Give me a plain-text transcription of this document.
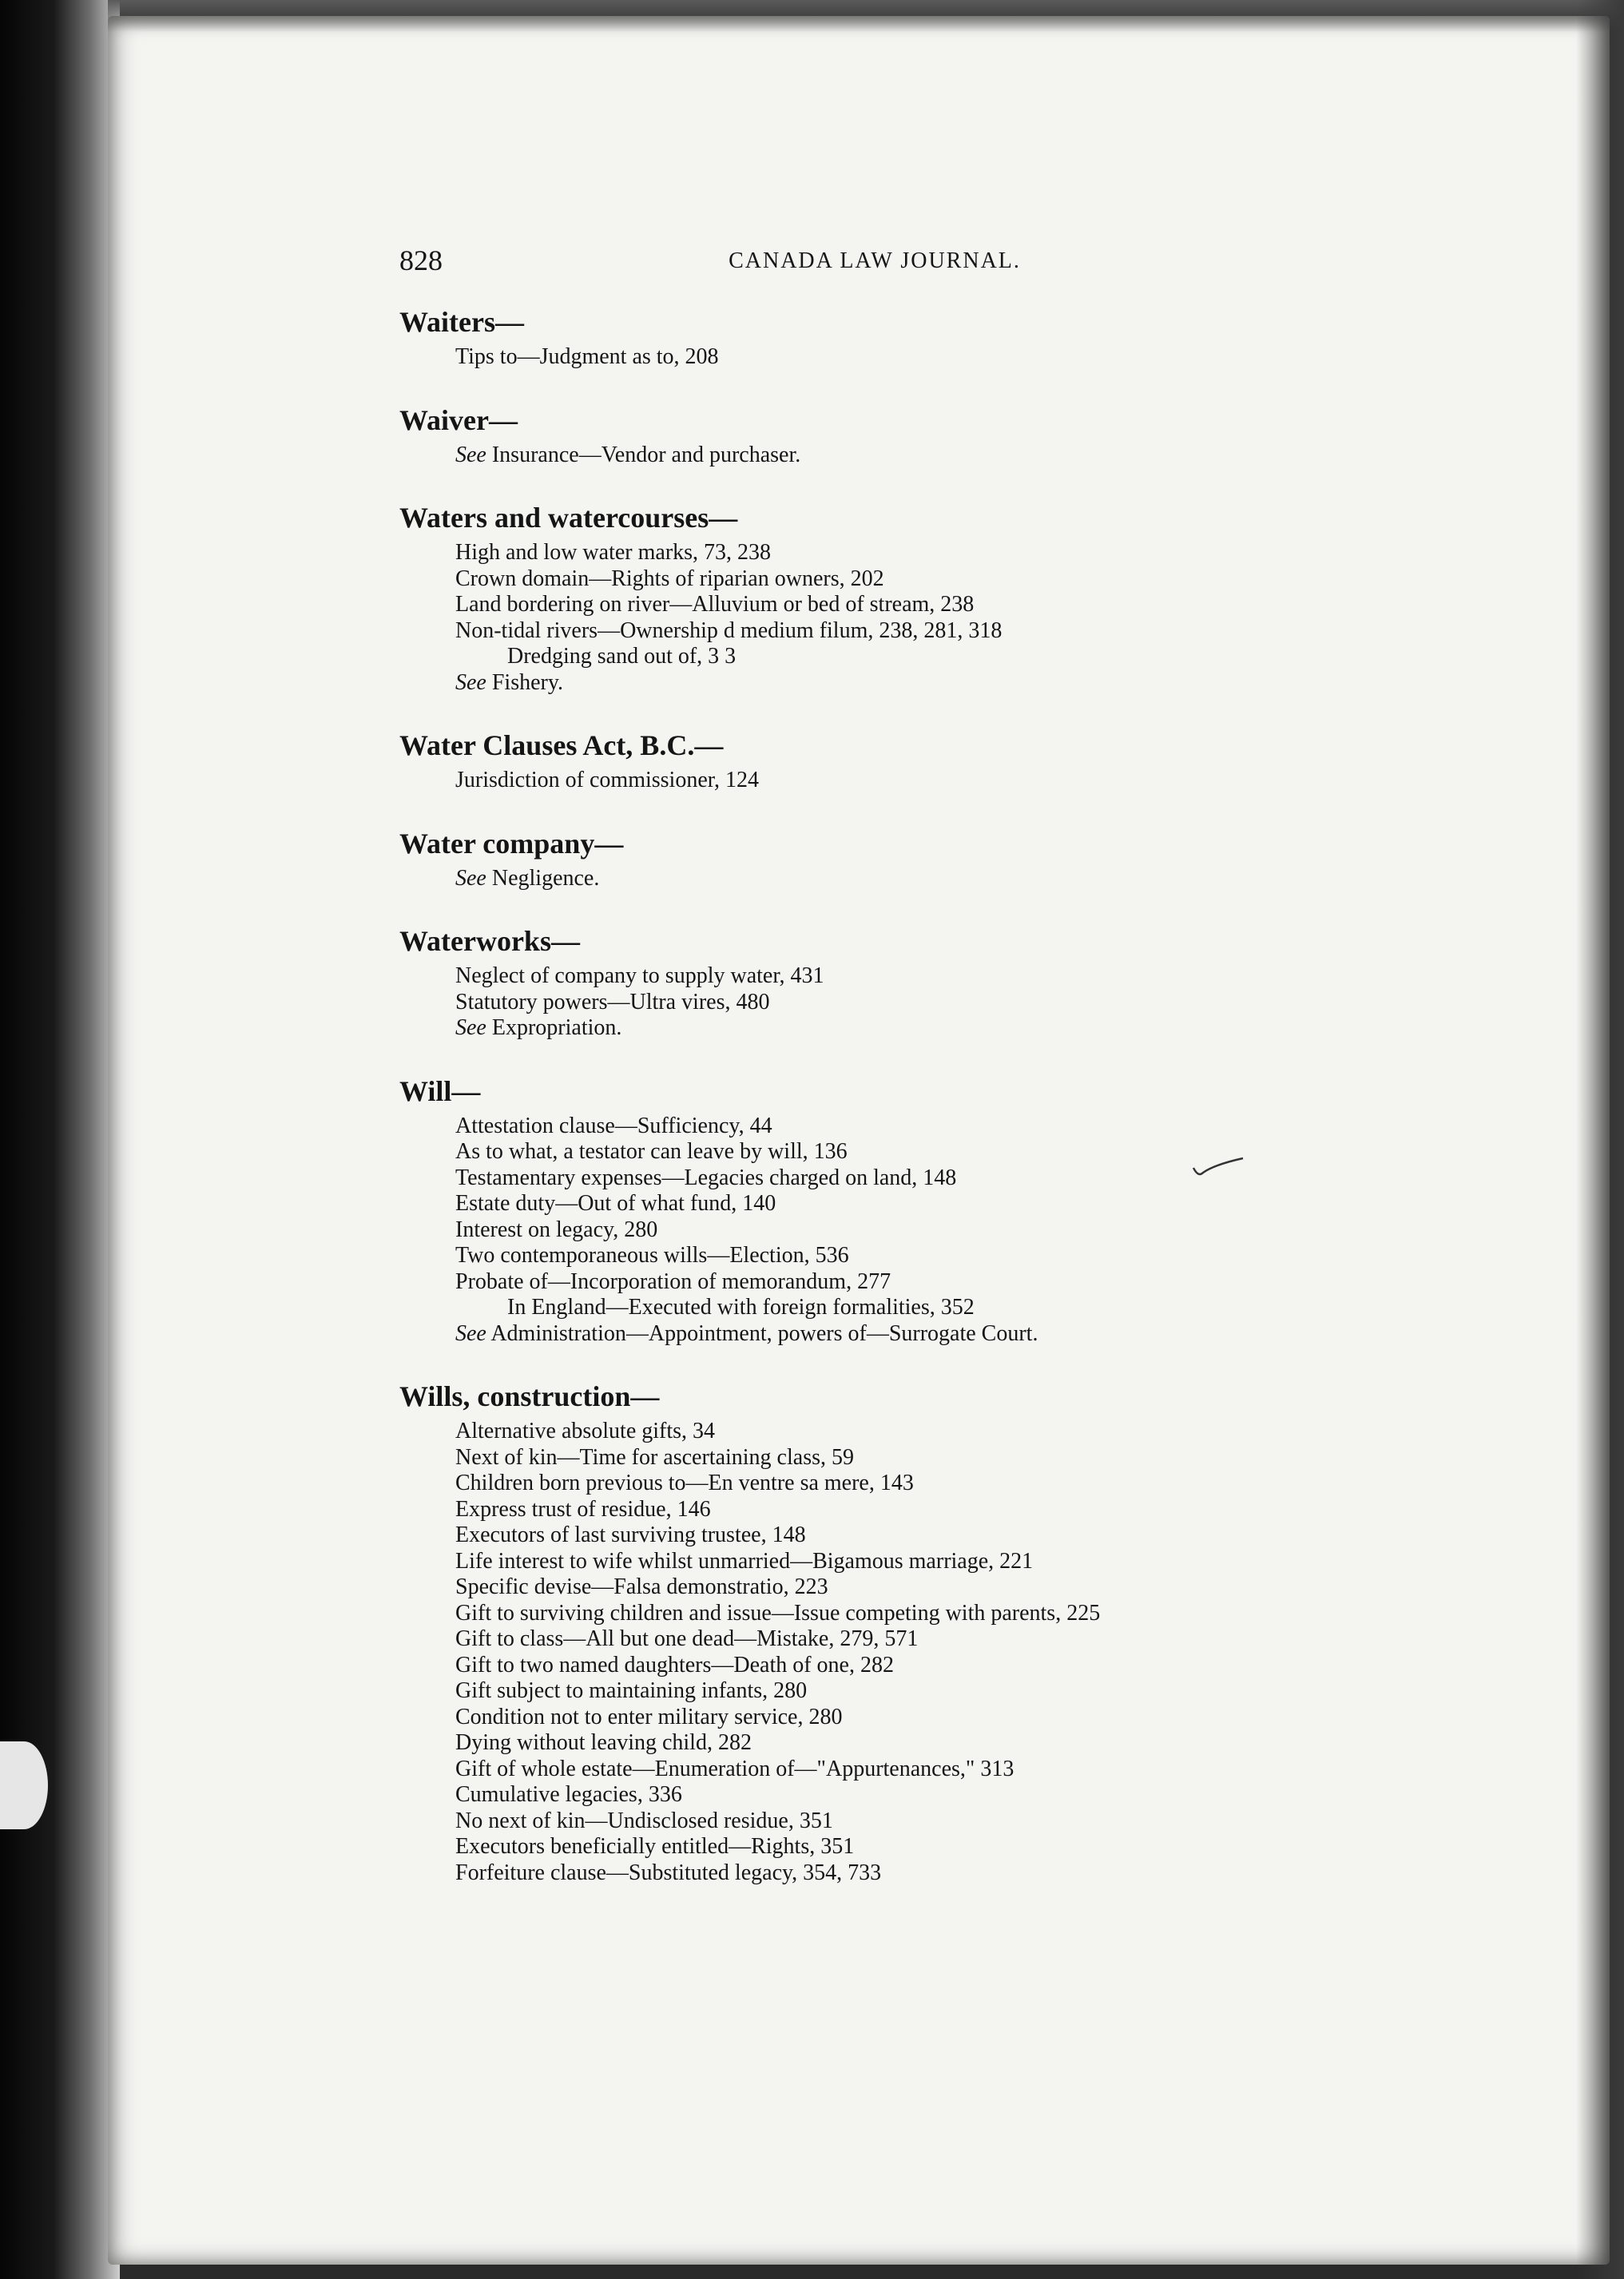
828	CANADA LAW JOURNAL.
Waiters—
Tips to—Judgment as to, 208
Waiver—
See Insurance—Vendor and purchaser.
Waters and watercourses—
High and low water marks, 73, 238
Crown domain—Rights of riparian owners, 202
Land bordering on river—Alluvium or bed of stream, 238
Non-tidal rivers—Ownership d medium filum, 238, 281, 318
Dredging sand out of, 3 3
See Fishery.
Water Clauses Act, B.C.—
Jurisdiction of commissioner, 124
Water company—
See Negligence.
Waterworks—
Neglect of company to supply water, 431
Statutory powers—Ultra vires, 480
See Expropriation.
Will—
Attestation clause—Sufficiency, 44
As to what, a testator can leave by will, 136
Testamentary expenses—Legacies charged on land, 148
Estate duty—Out of what fund, 140
Interest on legacy, 280
Two contemporaneous wills—Election, 536
Probate of—Incorporation of memorandum, 277
In England—Executed with foreign formalities, 352
See Administration—Appointment, powers of—Surrogate Court.
Wills, construction—
Alternative absolute gifts, 34
Next of kin—Time for ascertaining class, 59
Children born previous to—En ventre sa mere, 143
Express trust of residue, 146
Executors of last surviving trustee, 148
Life interest to wife whilst unmarried—Bigamous marriage, 221
Specific devise—Falsa demonstratio, 223
Gift to surviving children and issue—Issue competing with parents, 225
Gift to class—All but one dead—Mistake, 279, 571
Gift to two named daughters—Death of one, 282
Gift subject to maintaining infants, 280
Condition not to enter military service, 280
Dying without leaving child, 282
Gift of whole estate—Enumeration of—"Appurtenances," 313
Cumulative legacies, 336
No next of kin—Undisclosed residue, 351
Executors beneficially entitled—Rights, 351
Forfeiture clause—Substituted legacy, 354, 733
